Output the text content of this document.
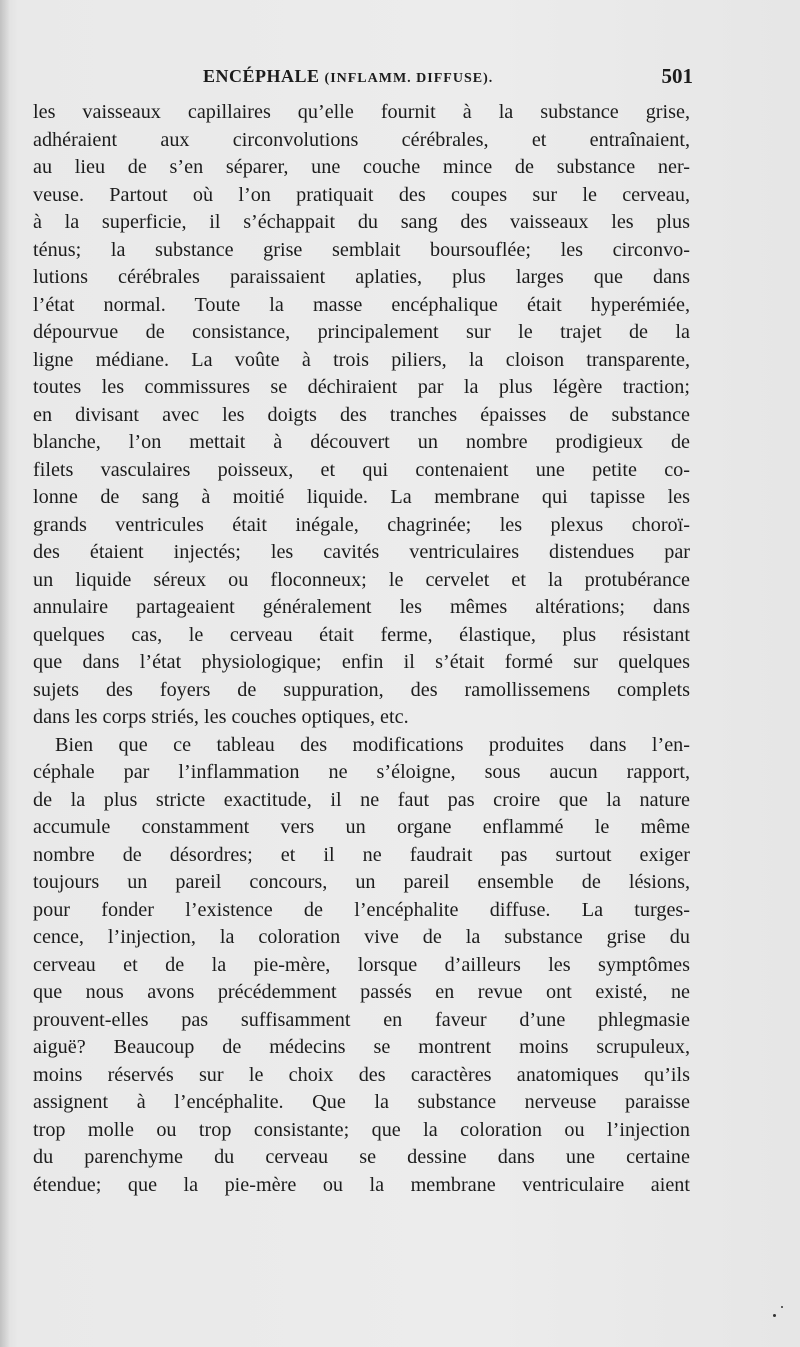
ENCÉPHALE (INFLAMM. DIFFUSE).	501
les vaisseaux capillaires qu’elle fournit à la substance grise,
adhéraient aux circonvolutions cérébrales, et entraînaient,
au lieu de s’en séparer, une couche mince de substance ner-
veuse. Partout où l’on pratiquait des coupes sur le cerveau,
à la superficie, il s’échappait du sang des vaisseaux les plus
ténus; la substance grise semblait boursouflée; les circonvo-
lutions cérébrales paraissaient aplaties, plus larges que dans
l’état normal. Toute la masse encéphalique était hyperémiée,
dépourvue de consistance, principalement sur le trajet de la
ligne médiane. La voûte à trois piliers, la cloison transparente,
toutes les commissures se déchiraient par la plus légère traction;
en divisant avec les doigts des tranches épaisses de substance
blanche, l’on mettait à découvert un nombre prodigieux de
filets vasculaires poisseux, et qui contenaient une petite co-
lonne de sang à moitié liquide. La membrane qui tapisse les
grands ventricules était inégale, chagrinée; les plexus choroï-
des étaient injectés; les cavités ventriculaires distendues par
un liquide séreux ou floconneux; le cervelet et la protubérance
annulaire partageaient généralement les mêmes altérations; dans
quelques cas, le cerveau était ferme, élastique, plus résistant
que dans l’état physiologique; enfin il s’était formé sur quelques
sujets des foyers de suppuration, des ramollissemens complets
dans les corps striés, les couches optiques, etc.
Bien que ce tableau des modifications produites dans l’en-
céphale par l’inflammation ne s’éloigne, sous aucun rapport,
de la plus stricte exactitude, il ne faut pas croire que la nature
accumule constamment vers un organe enflammé le même
nombre de désordres; et il ne faudrait pas surtout exiger
toujours un pareil concours, un pareil ensemble de lésions,
pour fonder l’existence de l’encéphalite diffuse. La turges-
cence, l’injection, la coloration vive de la substance grise du
cerveau et de la pie-mère, lorsque d’ailleurs les symptômes
que nous avons précédemment passés en revue ont existé, ne
prouvent-elles pas suffisamment en faveur d’une phlegmasie
aiguë? Beaucoup de médecins se montrent moins scrupuleux,
moins réservés sur le choix des caractères anatomiques qu’ils
assignent à l’encéphalite. Que la substance nerveuse paraisse
trop molle ou trop consistante; que la coloration ou l’injection
du parenchyme du cerveau se dessine dans une certaine
étendue; que la pie-mère ou la membrane ventriculaire aient
